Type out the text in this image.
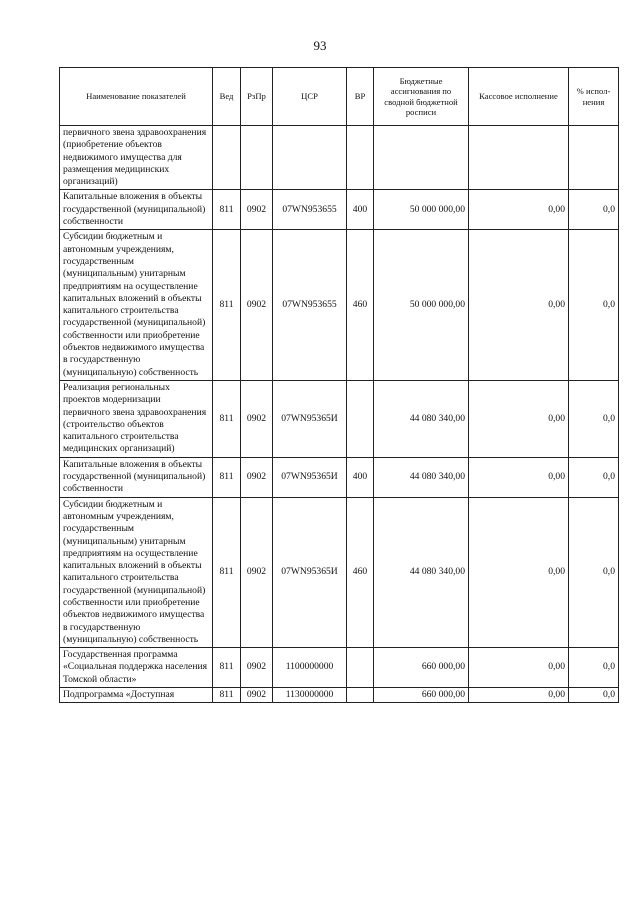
93
Наименование показателей	Вед	РзПр	ЦСР	ВР	Бюджетные ассигнования по сводной бюджетной росписи	Кассовое исполнение	% испол-нения
первичного звена здравоохранения (приобретение объектов недвижимого имущества для размещения медицинских организаций)							
Капитальные вложения в объекты государственной (муниципальной) собственности	811	0902	07WN953655	400	50 000 000,00	0,00	0,0
Субсидии бюджетным и автономным учреждениям, государственным (муниципальным) унитарным предприятиям на осуществление капитальных вложений в объекты капитального строительства государственной (муниципальной) собственности или приобретение объектов недвижимого имущества в государственную (муниципальную) собственность	811	0902	07WN953655	460	50 000 000,00	0,00	0,0
Реализация региональных проектов модернизации первичного звена здравоохранения (строительство объектов капитального строительства медицинских организаций)	811	0902	07WN95365И		44 080 340,00	0,00	0,0
Капитальные вложения в объекты государственной (муниципальной) собственности	811	0902	07WN95365И	400	44 080 340,00	0,00	0,0
Субсидии бюджетным и автономным учреждениям, государственным (муниципальным) унитарным предприятиям на осуществление капитальных вложений в объекты капитального строительства государственной (муниципальной) собственности или приобретение объектов недвижимого имущества в государственную (муниципальную) собственность	811	0902	07WN95365И	460	44 080 340,00	0,00	0,0
Государственная программа «Социальная поддержка населения Томской области»	811	0902	1100000000		660 000,00	0,00	0,0
Подпрограмма «Доступная	811	0902	1130000000		660 000,00	0,00	0,0
